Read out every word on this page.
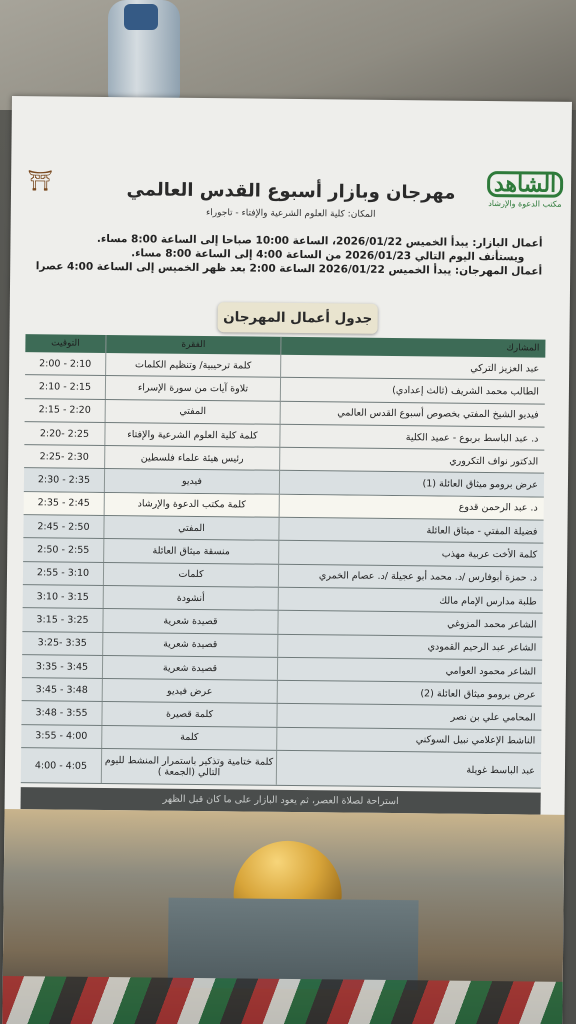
الشاهد
مكتب الدعوة والإرشاد
⛩	مهرجان وبازار أسبوع القدس العالمي
المكان: كلية العلوم الشرعية والإفتاء - تاجوراء
أعمال البازار: يبدأ الخميس 2026/01/22، الساعة 10:00 صباحا إلى الساعة 8:00 مساء.
ويستأنف اليوم التالي 2026/01/23 من الساعة 4:00 إلى الساعة 8:00 مساء.
أعمال المهرجان: يبدأ الخميس 2026/01/22 الساعة 2:00 بعد ظهر الخميس إلى الساعة 4:00 عصرا
جدول أعمال المهرجان
المشارك
الفقرة
التوقيت
عبد العزيز التركي
كلمة ترحيبية/ وتنظيم الكلمات
2:00 - 2:10
الطالب محمد الشريف (ثالث إعدادي)
تلاوة آيات من سورة الإسراء
2:10 - 2:15
فيديو الشيخ المفتي بخصوص أسبوع القدس العالمي
المفتي
2:15 - 2:20
د. عبد الباسط بربوع - عميد الكلية
كلمة كلية العلوم الشرعية والإفتاء
2:20- 2:25
الدكتور نواف التكروري
رئيس هيئة علماء فلسطين
2:25- 2:30
عرض برومو ميثاق العائلة (1)
فيديو
2:30 - 2:35
د. عبد الرحمن قدوع
كلمة مكتب الدعوة والإرشاد
2:35 - 2:45
فضيلة المفتي - ميثاق العائلة
المفتي
2:45 - 2:50
كلمة الأخت عربية مهذب
منسقة ميثاق العائلة
2:50 - 2:55
د. حمزة أبوفارس /د. محمد أبو عجيلة /د. عصام الخمري
كلمات
2:55 - 3:10
طلبة مدارس الإمام مالك
أنشودة
3:10 - 3:15
الشاعر محمد المزوغي
قصيدة شعرية
3:15 - 3:25
الشاعر عبد الرحيم القمودي
قصيدة شعرية
3:25- 3:35
الشاعر محمود العوامي
قصيدة شعرية
3:35 - 3:45
عرض برومو ميثاق العائلة (2)
عرض فيديو
3:45 - 3:48
المحامي علي بن نصر
كلمة قصيرة
3:48 - 3:55
الناشط الإعلامي نبيل السوكني
كلمة
3:55 - 4:00
عبد الباسط غويلة
كلمة ختامية وتذكير باستمرار المنشط لليوم التالي (الجمعة )
4:00 - 4:05
استراحة لصلاة العصر، ثم يعود البازار على ما كان قبل الظهر
